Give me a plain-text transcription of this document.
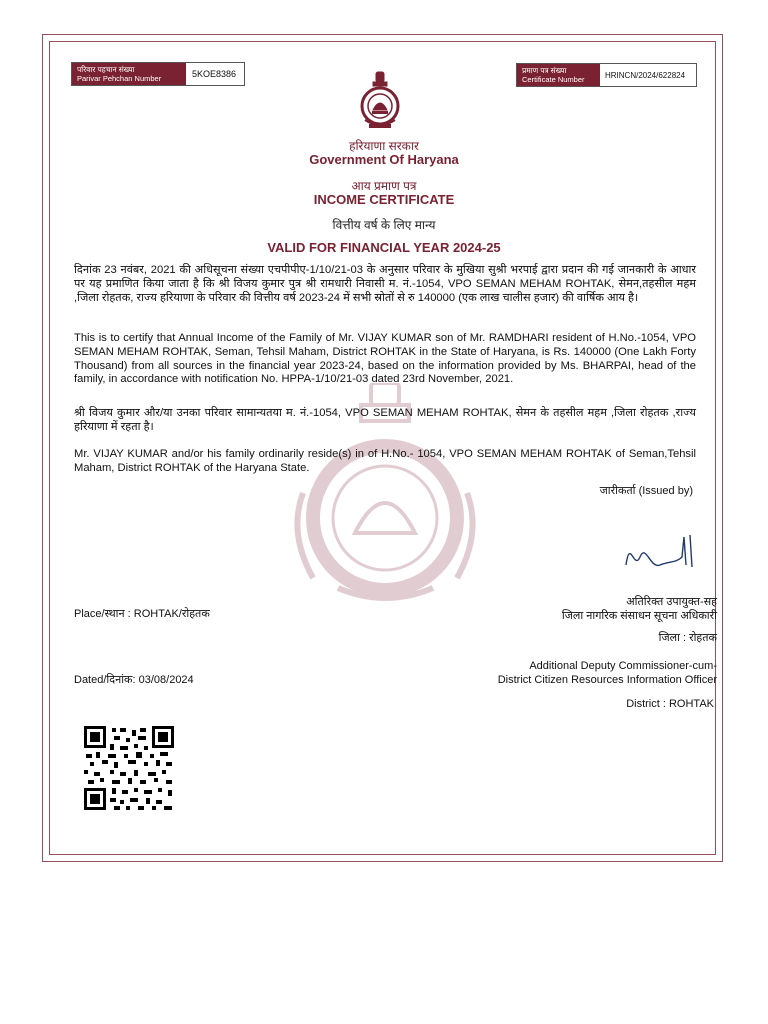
परिवार पहचान संख्या
Parivar Pehchan Number	5KOE8386	प्रमाण पत्र संख्या
Certificate Number	HRINCN/2024/622824
हरियाणा सरकार
Government Of Haryana
आय प्रमाण पत्र
INCOME CERTIFICATE
वित्तीय वर्ष के लिए मान्य
VALID FOR FINANCIAL YEAR 2024-25
दिनांक 23 नवंबर, 2021 की अधिसूचना संख्या एचपीपीए-1/10/21-03 के अनुसार परिवार के मुखिया सुश्री भरपाई द्वारा प्रदान की गई जानकारी के आधार पर यह प्रमाणित किया जाता है कि श्री विजय कुमार पुत्र श्री रामधारी निवासी म. नं.-1054, VPO SEMAN MEHAM ROHTAK, सेमन,तहसील महम ,जिला रोहतक, राज्य हरियाणा के परिवार की वित्तीय वर्ष 2023-24 में सभी स्रोतों से रु 140000 (एक लाख चालीस हजार) की वार्षिक आय है।
This is to certify that Annual Income of the Family of Mr. VIJAY KUMAR son of Mr. RAMDHARI resident of H.No.-1054, VPO SEMAN MEHAM ROHTAK, Seman, Tehsil Maham, District ROHTAK in the State of Haryana, is Rs. 140000 (One Lakh Forty Thousand) from all sources in the financial year 2023-24, based on the information provided by Ms. BHARPAI, head of the family, in accordance with notification No. HPPA-1/10/21-03 dated 23rd November, 2021.
श्री विजय कुमार और/या उनका परिवार सामान्यतया म. नं.-1054, VPO SEMAN MEHAM ROHTAK, सेमन के तहसील महम ,जिला रोहतक ,राज्य हरियाणा में रहता है।
Mr. VIJAY KUMAR and/or his family ordinarily reside(s) in of H.No.- 1054, VPO SEMAN MEHAM ROHTAK of Seman,Tehsil Maham, District ROHTAK of the Haryana State.
जारीकर्ता (Issued by)
Place/स्थान : ROHTAK/रोहतक
Dated/दिनांक: 03/08/2024
अतिरिक्त उपायुक्त-सह
जिला नागरिक संसाधन सूचना अधिकारी
जिला : रोहतक
Additional Deputy Commissioner-cum-
District Citizen Resources Information Officer
District : ROHTAK
